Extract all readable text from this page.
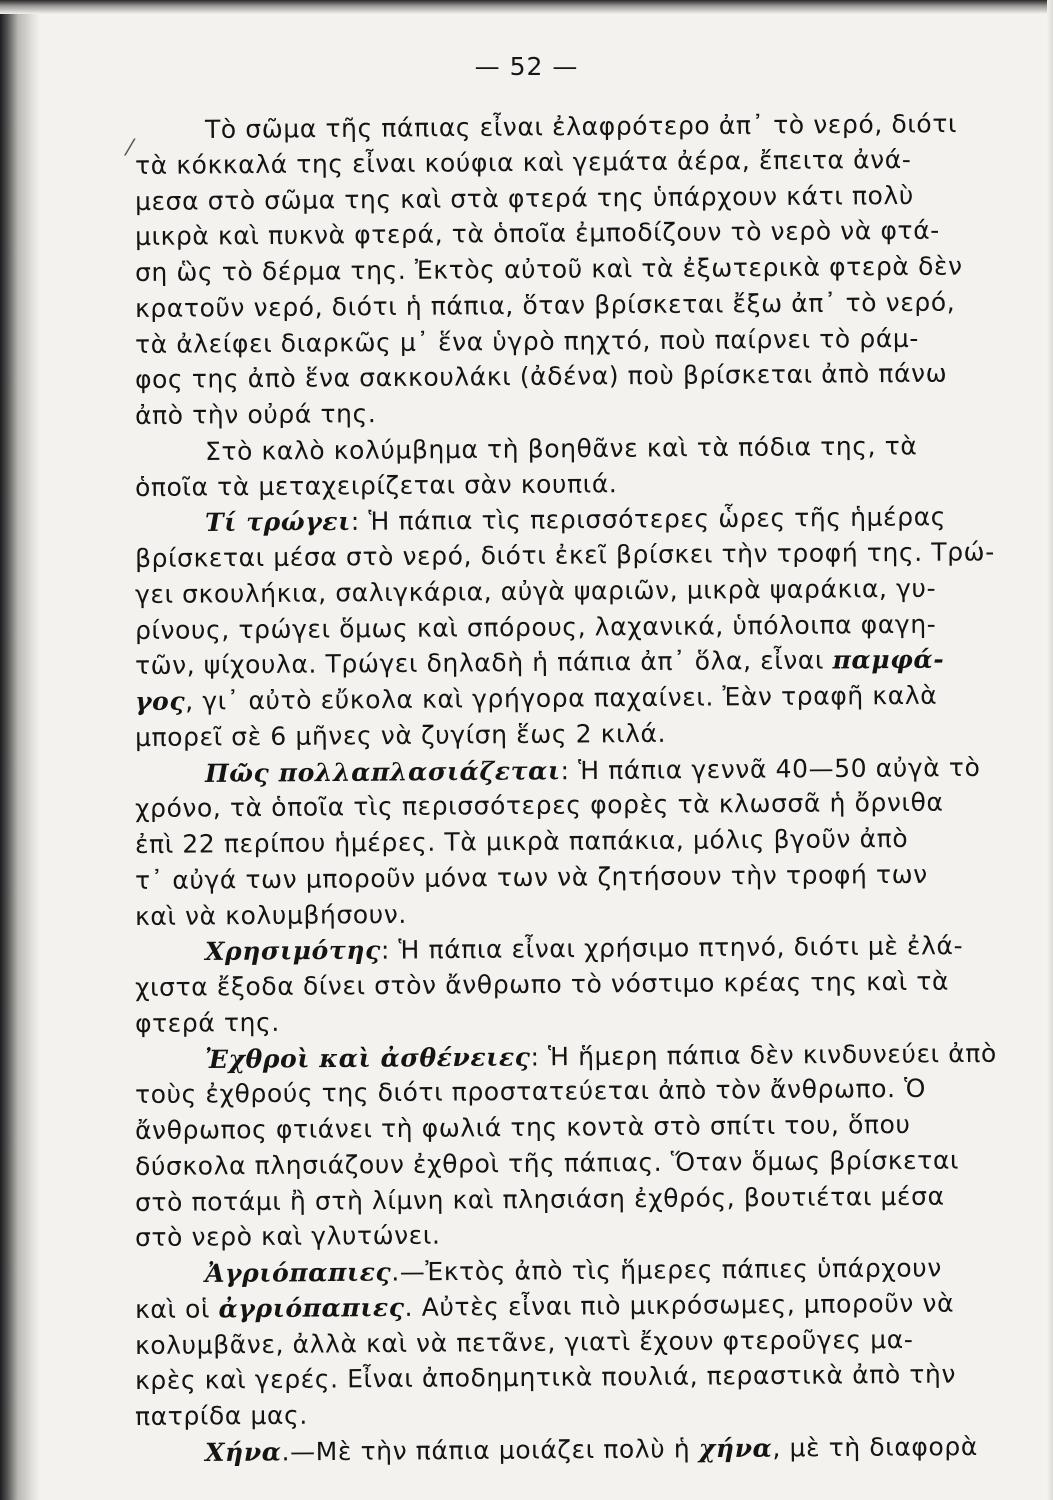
— 52 —
⁄
Τὸ σῶμα τῆς πάπιας εἶναι ἐλαφρότερο ἀπ᾽ τὸ νερό, διότι
τὰ κόκκαλά της εἶναι κούφια καὶ γεμάτα ἀέρα, ἔπειτα ἀνά-
μεσα στὸ σῶμα της καὶ στὰ φτερά της ὑπάρχουν κάτι πολὺ
μικρὰ καὶ πυκνὰ φτερά, τὰ ὁποῖα ἐμποδίζουν τὸ νερὸ νὰ φτά-
ση ὣς τὸ δέρμα της. Ἐκτὸς αὐτοῦ καὶ τὰ ἐξωτερικὰ φτερὰ δὲν
κρατοῦν νερό, διότι ἡ πάπια, ὅταν βρίσκεται ἔξω ἀπ᾽ τὸ νερό,
τὰ ἀλείφει διαρκῶς μ᾽ ἕνα ὑγρὸ πηχτό, ποὺ παίρνει τὸ ράμ-
φος της ἀπὸ ἕνα σακκουλάκι (ἀδένα) ποὺ βρίσκεται ἀπὸ πάνω
ἀπὸ τὴν οὐρά της.
Στὸ καλὸ κολύμβημα τὴ βοηθᾶνε καὶ τὰ πόδια της, τὰ
ὁποῖα τὰ μεταχειρίζεται σὰν κουπιά.
Τί τρώγει: Ἡ πάπια τὶς περισσότερες ὧρες τῆς ἡμέρας
βρίσκεται μέσα στὸ νερό, διότι ἐκεῖ βρίσκει τὴν τροφή της. Τρώ-
γει σκουλήκια, σαλιγκάρια, αὐγὰ ψαριῶν, μικρὰ ψαράκια, γυ-
ρίνους, τρώγει ὅμως καὶ σπόρους, λαχανικά, ὑπόλοιπα φαγη-
τῶν, ψίχουλα. Τρώγει δηλαδὴ ἡ πάπια ἀπ᾽ ὅλα, εἶναι παμφά-
γος, γι᾽ αὐτὸ εὔκολα καὶ γρήγορα παχαίνει. Ἐὰν τραφῆ καλὰ
μπορεῖ σὲ 6 μῆνες νὰ ζυγίση ἕως 2 κιλά.
Πῶς πολλαπλασιάζεται: Ἡ πάπια γεννᾶ 40—50 αὐγὰ τὸ
χρόνο, τὰ ὁποῖα τὶς περισσότερες φορὲς τὰ κλωσσᾶ ἡ ὄρνιθα
ἐπὶ 22 περίπου ἡμέρες. Τὰ μικρὰ παπάκια, μόλις βγοῦν ἀπὸ
τ᾽ αὐγά των μποροῦν μόνα των νὰ ζητήσουν τὴν τροφή των
καὶ νὰ κολυμβήσουν.
Χρησιμότης: Ἡ πάπια εἶναι χρήσιμο πτηνό, διότι μὲ ἐλά-
χιστα ἔξοδα δίνει στὸν ἄνθρωπο τὸ νόστιμο κρέας της καὶ τὰ
φτερά της.
Ἐχθροὶ καὶ ἀσθένειες: Ἡ ἥμερη πάπια δὲν κινδυνεύει ἀπὸ
τοὺς ἐχθρούς της διότι προστατεύεται ἀπὸ τὸν ἄνθρωπο. Ὁ
ἄνθρωπος φτιάνει τὴ φωλιά της κοντὰ στὸ σπίτι του, ὅπου
δύσκολα πλησιάζουν ἐχθροὶ τῆς πάπιας. Ὅταν ὅμως βρίσκεται
στὸ ποτάμι ἢ στὴ λίμνη καὶ πλησιάση ἐχθρός, βουτιέται μέσα
στὸ νερὸ καὶ γλυτώνει.
Ἀγριόπαπιες.—Ἐκτὸς ἀπὸ τὶς ἥμερες πάπιες ὑπάρχουν
καὶ οἱ ἀγριόπαπιες. Αὐτὲς εἶναι πιὸ μικρόσωμες, μποροῦν νὰ
κολυμβᾶνε, ἀλλὰ καὶ νὰ πετᾶνε, γιατὶ ἔχουν φτεροῦγες μα-
κρὲς καὶ γερές. Εἶναι ἀποδημητικὰ πουλιά, περαστικὰ ἀπὸ τὴν
πατρίδα μας.
Χήνα.—Μὲ τὴν πάπια μοιάζει πολὺ ἡ χήνα, μὲ τὴ διαφορὰ
